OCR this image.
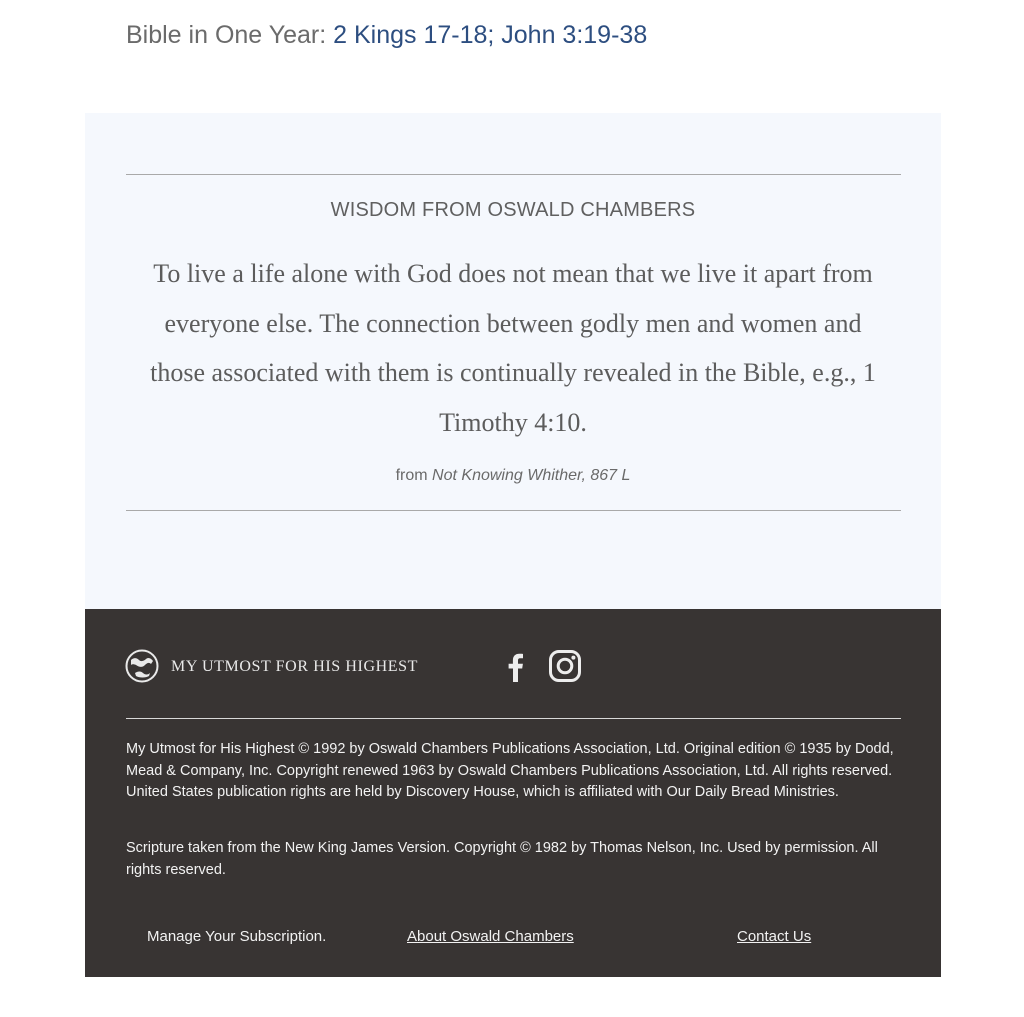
Bible in One Year: 2 Kings 17-18; John 3:19-38
WISDOM FROM OSWALD CHAMBERS
To live a life alone with God does not mean that we live it apart from everyone else. The connection between godly men and women and those associated with them is continually revealed in the Bible, e.g., 1 Timothy 4:10.
from Not Knowing Whither, 867 L
MY UTMOST FOR HIS HIGHEST

My Utmost for His Highest © 1992 by Oswald Chambers Publications Association, Ltd. Original edition © 1935 by Dodd, Mead & Company, Inc. Copyright renewed 1963 by Oswald Chambers Publications Association, Ltd. All rights reserved. United States publication rights are held by Discovery House, which is affiliated with Our Daily Bread Ministries.

Scripture taken from the New King James Version. Copyright © 1982 by Thomas Nelson, Inc. Used by permission. All rights reserved.

Manage Your Subscription.	About Oswald Chambers	Contact Us
